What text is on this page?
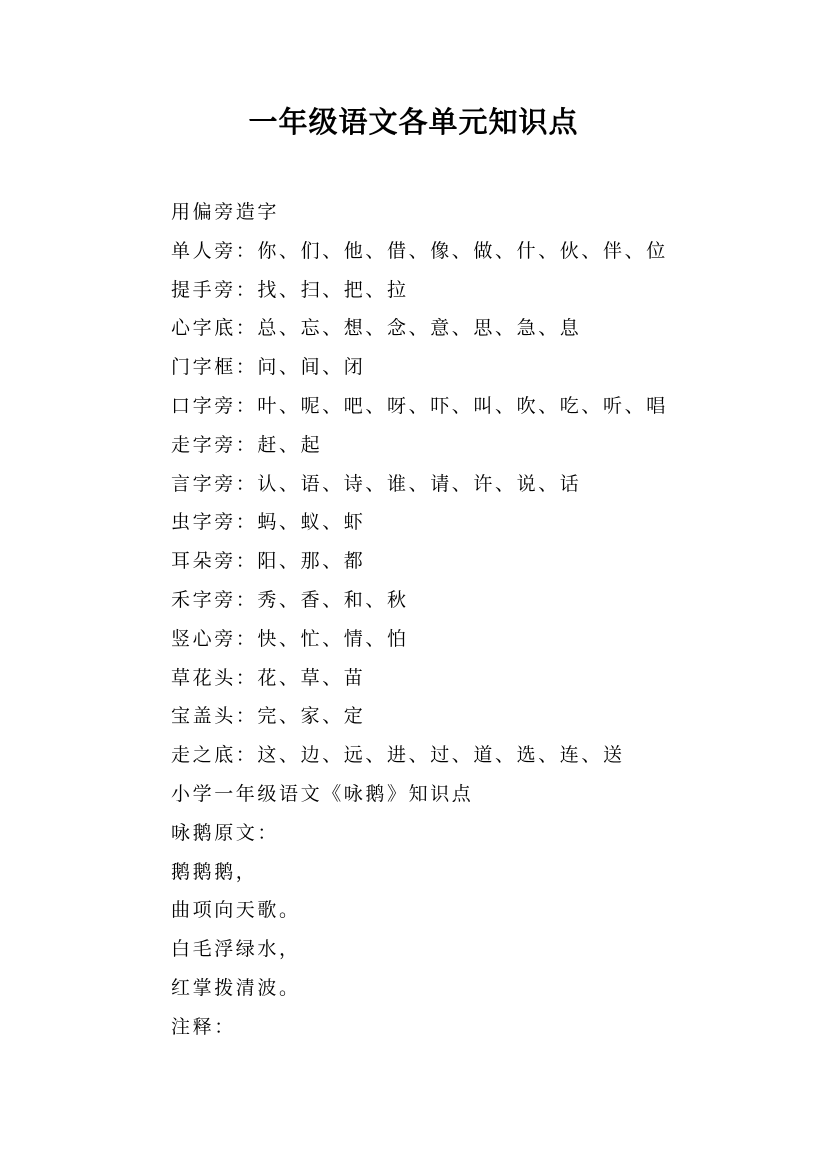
一年级语文各单元知识点
用偏旁造字
单人旁：你、们、他、借、像、做、什、伙、伴、位
提手旁：找、扫、把、拉
心字底：总、忘、想、念、意、思、急、息
门字框：问、间、闭
口字旁：叶、呢、吧、呀、吓、叫、吹、吃、听、唱
走字旁：赶、起
言字旁：认、语、诗、谁、请、许、说、话
虫字旁：蚂、蚁、虾
耳朵旁：阳、那、都
禾字旁：秀、香、和、秋
竖心旁：快、忙、情、怕
草花头：花、草、苗
宝盖头：完、家、定
走之底：这、边、远、进、过、道、选、连、送
小学一年级语文《咏鹅》知识点
咏鹅原文：
鹅鹅鹅，
曲项向天歌。
白毛浮绿水，
红掌拨清波。
注释：
